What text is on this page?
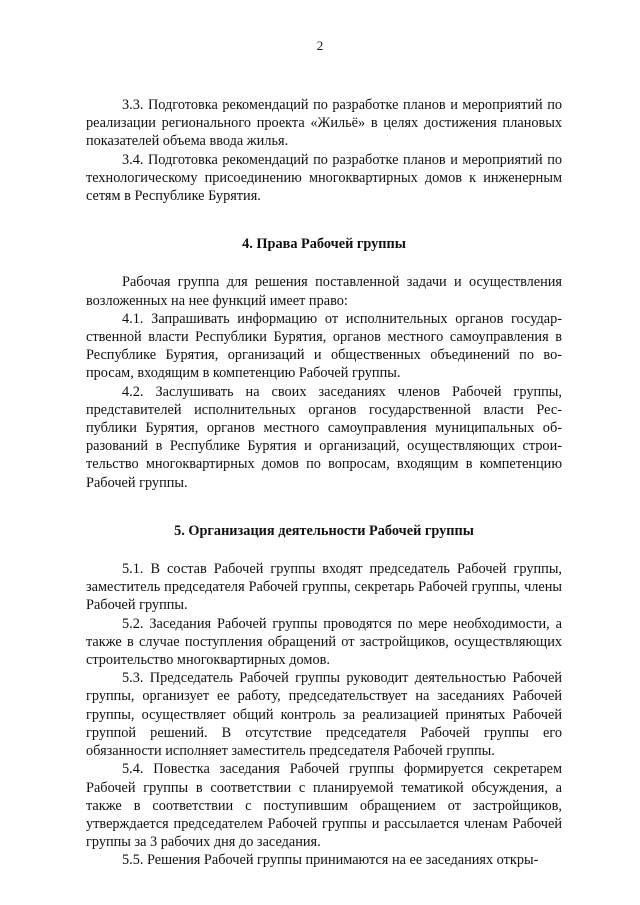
2

3.3. Подготовка рекомендаций по разработке планов и мероприятий по реализации регионального проекта «Жильё» в целях достижения плановых показателей объема ввода жилья.

3.4. Подготовка рекомендаций по разработке планов и мероприятий по технологическому присоединению многоквартирных домов к инженерным сетям в Республике Бурятия.

4. Права Рабочей группы

Рабочая группа для решения поставленной задачи и осуществления возложенных на нее функций имеет право:

4.1. Запрашивать информацию от исполнительных органов государственной власти Республики Бурятия, органов местного самоуправления в Республике Бурятия, организаций и общественных объединений по вопросам, входящим в компетенцию Рабочей группы.

4.2. Заслушивать на своих заседаниях членов Рабочей группы, представителей исполнительных органов государственной власти Республики Бурятия, органов местного самоуправления муниципальных образований в Республике Бурятия и организаций, осуществляющих строительство многоквартирных домов по вопросам, входящим в компетенцию Рабочей группы.

5. Организация деятельности Рабочей группы

5.1. В состав Рабочей группы входят председатель Рабочей группы, заместитель председателя Рабочей группы, секретарь Рабочей группы, члены Рабочей группы.

5.2. Заседания Рабочей группы проводятся по мере необходимости, а также в случае поступления обращений от застройщиков, осуществляющих строительство многоквартирных домов.

5.3. Председатель Рабочей группы руководит деятельностью Рабочей группы, организует ее работу, председательствует на заседаниях Рабочей группы, осуществляет общий контроль за реализацией принятых Рабочей группой решений. В отсутствие председателя Рабочей группы его обязанности исполняет заместитель председателя Рабочей группы.

5.4. Повестка заседания Рабочей группы формируется секретарем Рабочей группы в соответствии с планируемой тематикой обсуждения, а также в соответствии с поступившим обращением от застройщиков, утверждается председателем Рабочей группы и рассылается членам Рабочей группы за 3 рабочих дня до заседания.

5.5. Решения Рабочей группы принимаются на ее заседаниях откры-
